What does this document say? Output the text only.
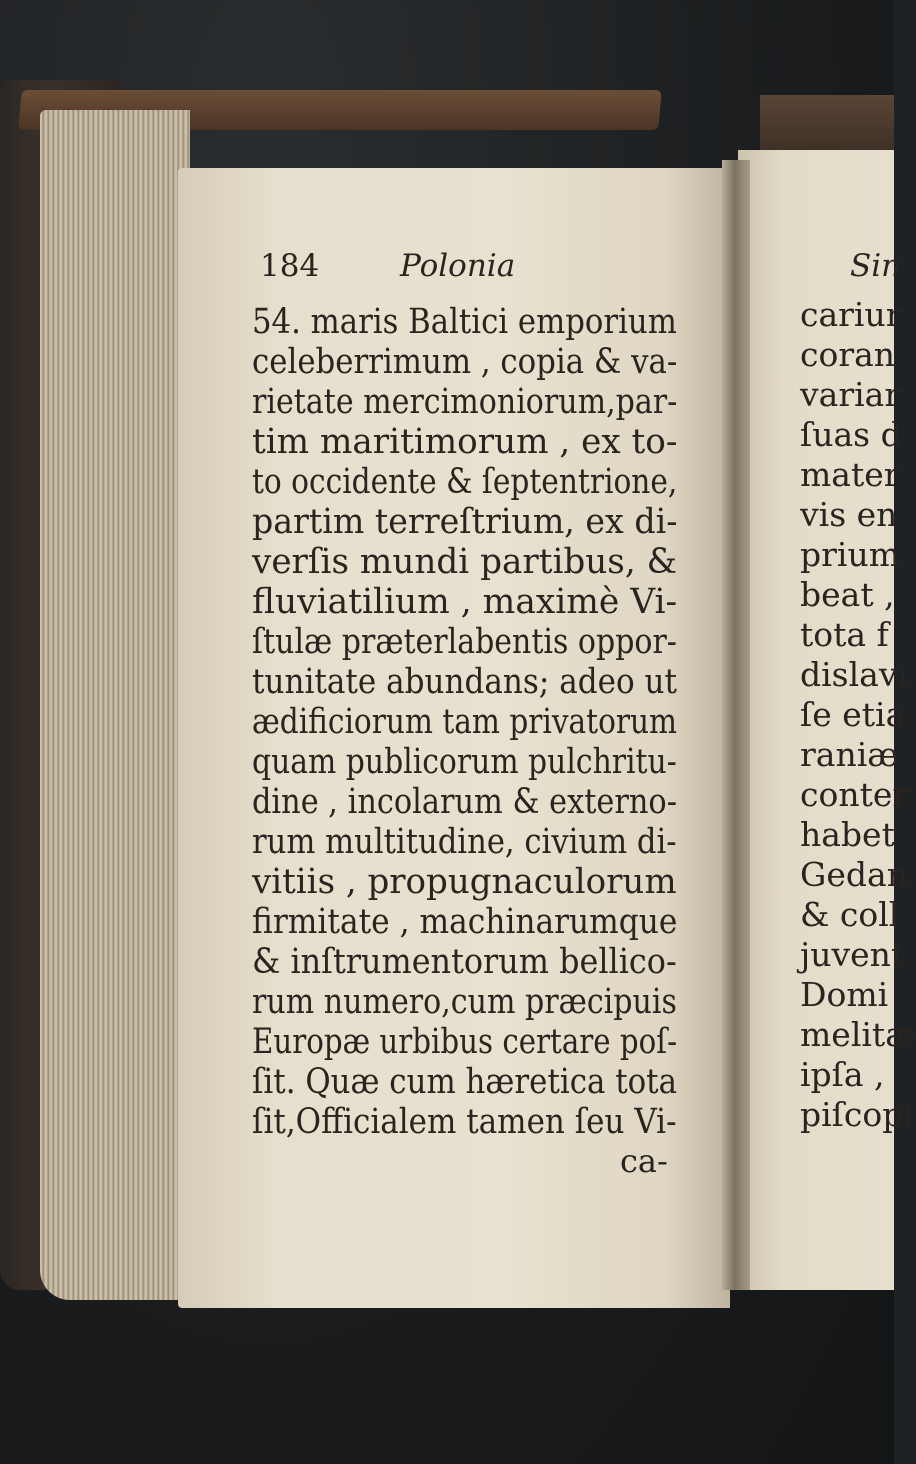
184	Polonia
54. maris Baltici emporium
celeberrimum , copia & va-
rietate mercimoniorum,par-
tim maritimorum , ex to-
to occidente & ſeptentrione,
partim terreſtrium, ex di-
verſis mundi partibus, &
fluviatilium , maximè Vi-
ſtulæ præterlabentis oppor-
tunitate abundans; adeo ut
ædificiorum tam privatorum
quam publicorum pulchritu-
dine , incolarum & externo-
rum multitudine, civium di-
vitiis , propugnaculorum
firmitate , machinarumque
& inſtrumentorum bellico-
rum numero,cum præcipuis
Europæ urbibus certare poſ-
ſit. Quæ cum hæretica tota
ſit,Officialem tamen ſeu Vi-
ca-
Sin
cariur
coran
variar
ſuas d
mater
vis en
prium
beat ,
tota f
dislavi
ſe etia
raniæ
conter
habet
Gedan
& coll
juvent
Domi
melitæ
ipſa ,
piſcopi
